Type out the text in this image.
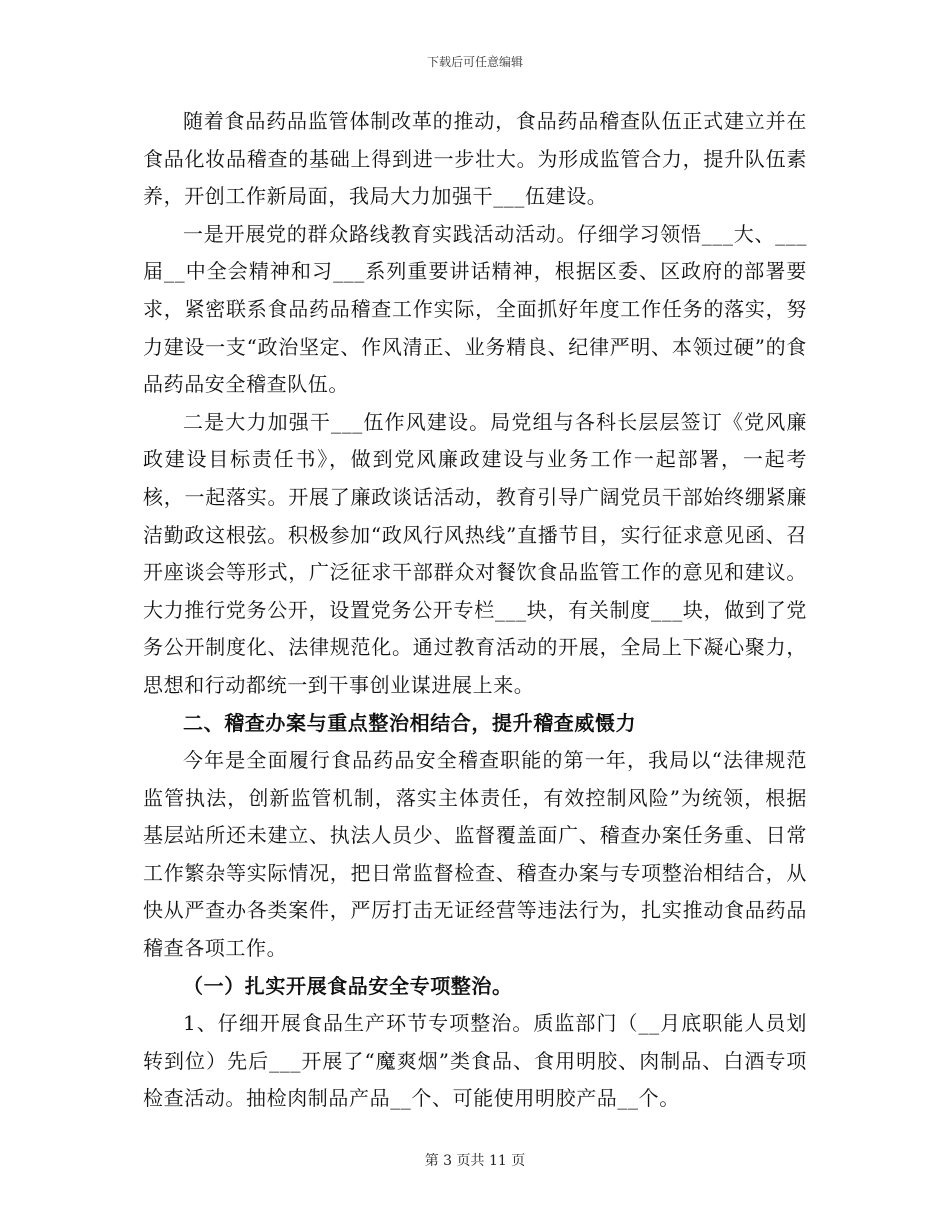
下载后可任意编辑

随着食品药品监管体制改革的推动，食品药品稽查队伍正式建立并在食品化妆品稽查的基础上得到进一步壮大。为形成监管合力，提升队伍素养，开创工作新局面，我局大力加强干___伍建设。

一是开展党的群众路线教育实践活动活动。仔细学习领悟___大、___届__中全会精神和习___系列重要讲话精神，根据区委、区政府的部署要求，紧密联系食品药品稽查工作实际，全面抓好年度工作任务的落实，努力建设一支“政治坚定、作风清正、业务精良、纪律严明、本领过硬”的食品药品安全稽查队伍。

二是大力加强干___伍作风建设。局党组与各科长层层签订《党风廉政建设目标责任书》，做到党风廉政建设与业务工作一起部署，一起考核，一起落实。开展了廉政谈话活动，教育引导广阔党员干部始终绷紧廉洁勤政这根弦。积极参加“政风行风热线”直播节目，实行征求意见函、召开座谈会等形式，广泛征求干部群众对餐饮食品监管工作的意见和建议。大力推行党务公开，设置党务公开专栏___块，有关制度___块，做到了党务公开制度化、法律规范化。通过教育活动的开展，全局上下凝心聚力，思想和行动都统一到干事创业谋进展上来。

二、稽查办案与重点整治相结合，提升稽查威慑力

今年是全面履行食品药品安全稽查职能的第一年，我局以“法律规范监管执法，创新监管机制，落实主体责任，有效控制风险”为统领，根据基层站所还未建立、执法人员少、监督覆盖面广、稽查办案任务重、日常工作繁杂等实际情况，把日常监督检查、稽查办案与专项整治相结合，从快从严查办各类案件，严厉打击无证经营等违法行为，扎实推动食品药品稽查各项工作。

（一）扎实开展食品安全专项整治。

1、仔细开展食品生产环节专项整治。质监部门（__月底职能人员划转到位）先后___开展了“魔爽烟”类食品、食用明胶、肉制品、白酒专项检查活动。抽检肉制品产品__个、可能使用明胶产品__个。

第 3 页共 11 页
